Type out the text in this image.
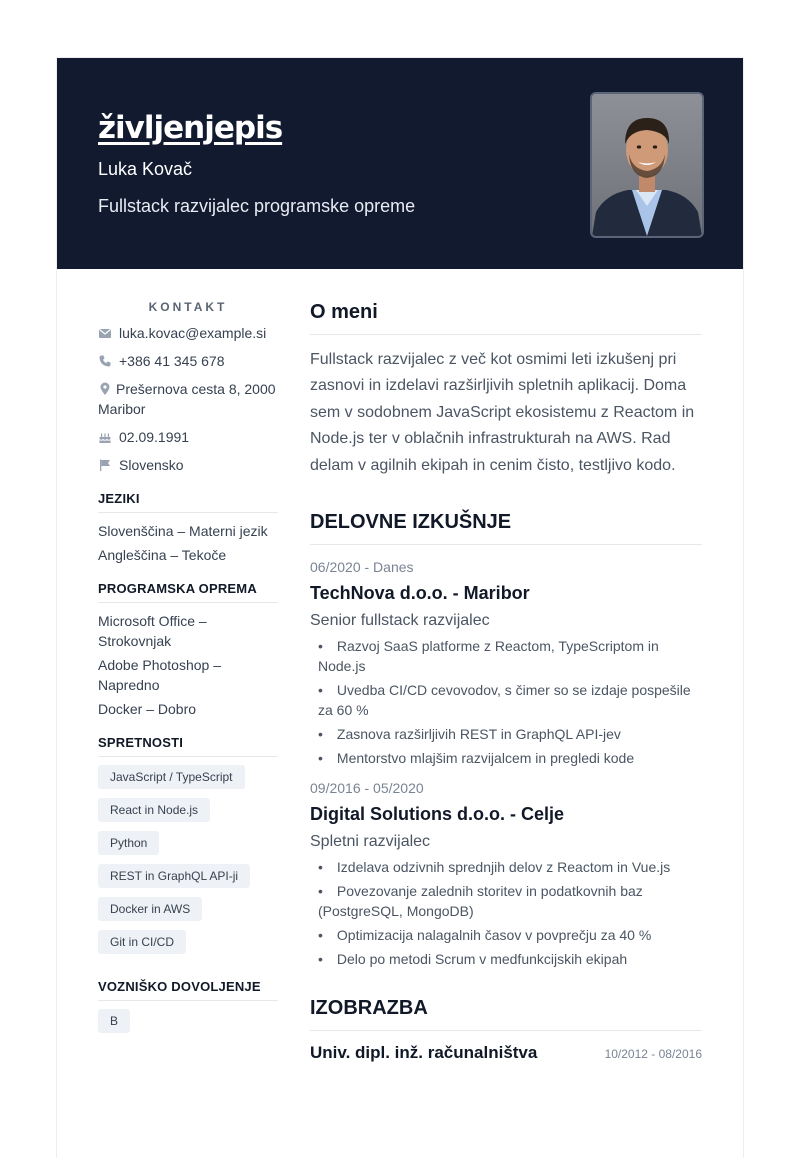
življenjepis
Luka Kovač
Fullstack razvijalec programske opreme
KONTAKT
luka.kovac@example.si
+386 41 345 678
Prešernova cesta 8, 2000 Maribor
02.09.1991
Slovensko
JEZIKI
Slovenščina – Materni jezik
Angleščina – Tekoče
PROGRAMSKA OPREMA
Microsoft Office – Strokovnjak
Adobe Photoshop – Napredno
Docker – Dobro
SPRETNOSTI
JavaScript / TypeScript
React in Node.js
Python
REST in GraphQL API-ji
Docker in AWS
Git in CI/CD
VOZNIŠKO DOVOLJENJE
B
O meni
Fullstack razvijalec z več kot osmimi leti izkušenj pri zasnovi in izdelavi razširljivih spletnih aplikacij. Doma sem v sodobnem JavaScript ekosistemu z Reactom in Node.js ter v oblačnih infrastrukturah na AWS. Rad delam v agilnih ekipah in cenim čisto, testljivo kodo.
DELOVNE IZKUŠNJE
06/2020 - Danes
TechNova d.o.o. - Maribor
Senior fullstack razvijalec
• Razvoj SaaS platforme z Reactom, TypeScriptom in Node.js
• Uvedba CI/CD cevovodov, s čimer so se izdaje pospešile za 60 %
• Zasnova razširljivih REST in GraphQL API-jev
• Mentorstvo mlajšim razvijalcem in pregledi kode
09/2016 - 05/2020
Digital Solutions d.o.o. - Celje
Spletni razvijalec
• Izdelava odzivnih sprednjih delov z Reactom in Vue.js
• Povezovanje zalednih storitev in podatkovnih baz (PostgreSQL, MongoDB)
• Optimizacija nalagalnih časov v povprečju za 40 %
• Delo po metodi Scrum v medfunkcijskih ekipah
IZOBRAZBA
Univ. dipl. inž. računalništva	10/2012 - 08/2016
